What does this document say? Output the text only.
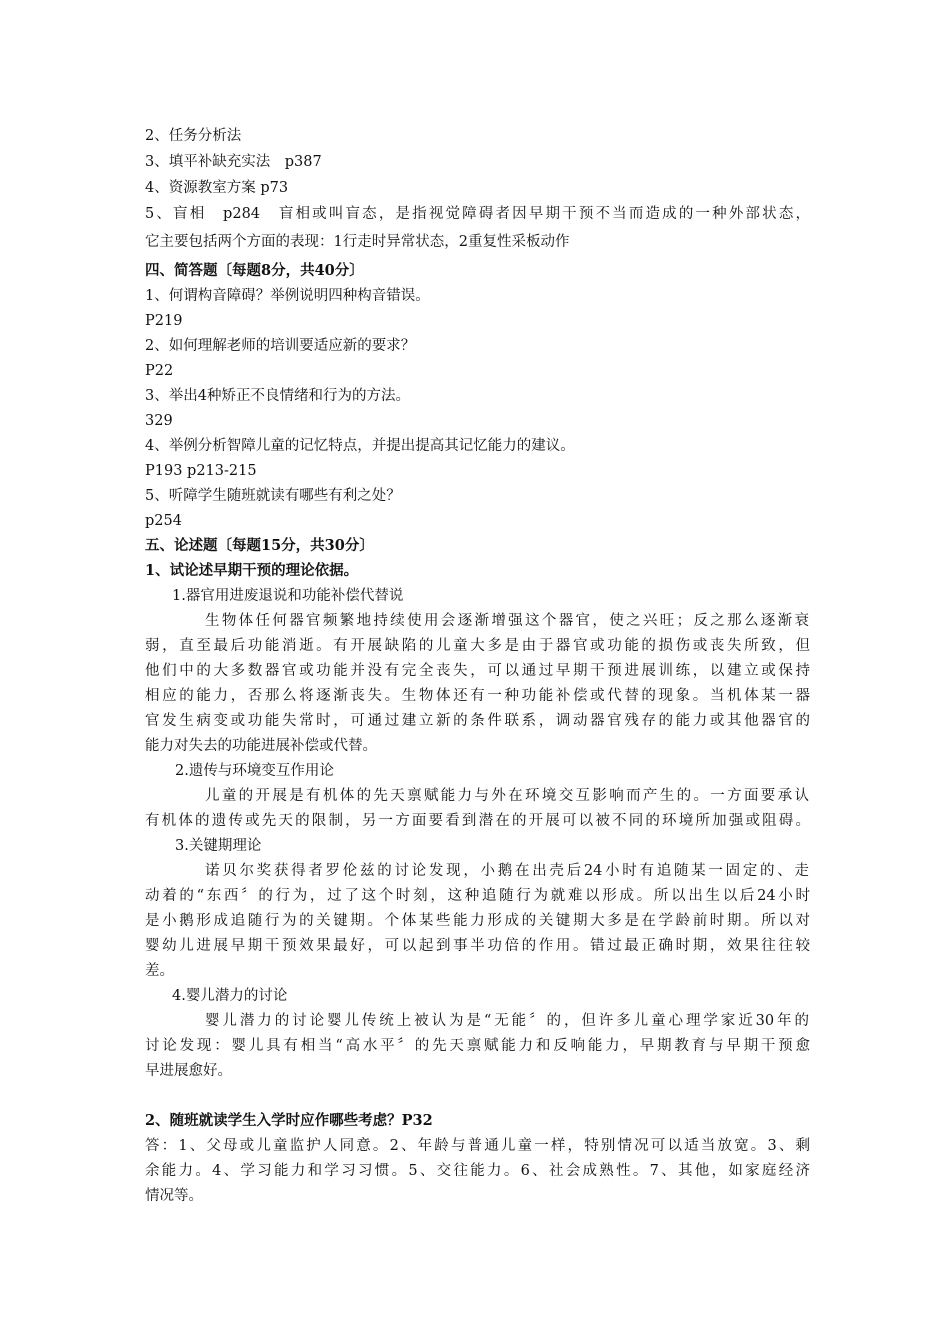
2、任务分析法
3、填平补缺充实法　p387
4、资源教室方案 p73
5、盲相　p284　盲相或叫盲态，是指视觉障碍者因早期干预不当而造成的一种外部状态，
它主要包括两个方面的表现：1行走时异常状态，2重复性采板动作
四、简答题〔每题8分，共40分〕
1、何谓构音障碍？举例说明四种构音错误。
P219
2、如何理解老师的培训要适应新的要求？
P22
3、举出4种矫正不良情绪和行为的方法。
329
4、举例分析智障儿童的记忆特点，并提出提高其记忆能力的建议。
P193 p213-215
5、听障学生随班就读有哪些有利之处？
p254
五、论述题〔每题15分，共30分〕
1、试论述早期干预的理论依据。
1.器官用进废退说和功能补偿代替说
生物体任何器官频繁地持续使用会逐渐增强这个器官，使之兴旺；反之那么逐渐衰
弱，直至最后功能消逝。有开展缺陷的儿童大多是由于器官或功能的损伤或丧失所致，但
他们中的大多数器官或功能并没有完全丧失，可以通过早期干预进展训练，以建立或保持
相应的能力，否那么将逐渐丧失。生物体还有一种功能补偿或代替的现象。当机体某一器
官发生病变或功能失常时，可通过建立新的条件联系，调动器官残存的能力或其他器官的
能力对失去的功能进展补偿或代替。
2.遗传与环境变互作用论
儿童的开展是有机体的先天禀赋能力与外在环境交互影响而产生的。一方面要承认
有机体的遗传或先天的限制，另一方面要看到潜在的开展可以被不同的环境所加强或阻碍。
3.关键期理论
诺贝尔奖获得者罗伦兹的讨论发现，小鹅在出壳后24小时有追随某一固定的、走
动着的“东西〞的行为，过了这个时刻，这种追随行为就难以形成。所以出生以后24小时
是小鹅形成追随行为的关键期。个体某些能力形成的关键期大多是在学龄前时期。所以对
婴幼儿进展早期干预效果最好，可以起到事半功倍的作用。错过最正确时期，效果往往较
差。
4.婴儿潜力的讨论
婴儿潜力的讨论婴儿传统上被认为是“无能〞的，但许多儿童心理学家近30年的
讨论发现：婴儿具有相当“高水平〞的先天禀赋能力和反响能力，早期教育与早期干预愈
早进展愈好。
2、随班就读学生入学时应作哪些考虑？P32
答：1、父母或儿童监护人同意。2、年龄与普通儿童一样，特别情况可以适当放宽。3、剩
余能力。4、学习能力和学习习惯。5、交往能力。6、社会成熟性。7、其他，如家庭经济
情况等。
